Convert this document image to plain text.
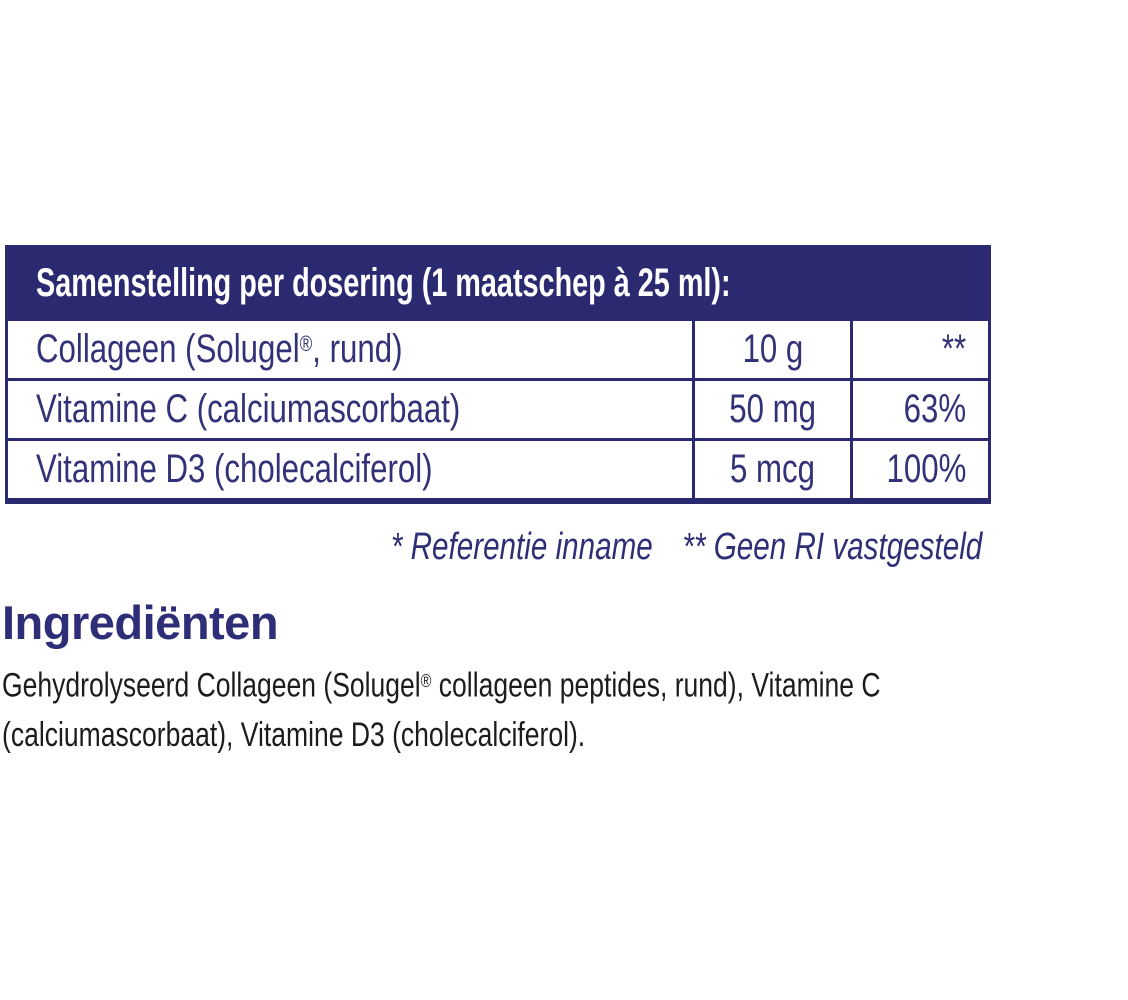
Samenstelling per dosering (1 maatschep à 25 ml):	RI*
Collageen (Solugel®, rund)	10 g	**
Vitamine C (calciumascorbaat)	50 mg 63%
Vitamine D3 (cholecalciferol)	5 mcg 100%
* Referentie inname ** Geen RI vastgesteld
Ingrediënten
Gehydrolyseerd Collageen (Solugel® collageen peptides, rund), Vitamine C
(calciumascorbaat), Vitamine D3 (cholecalciferol).
